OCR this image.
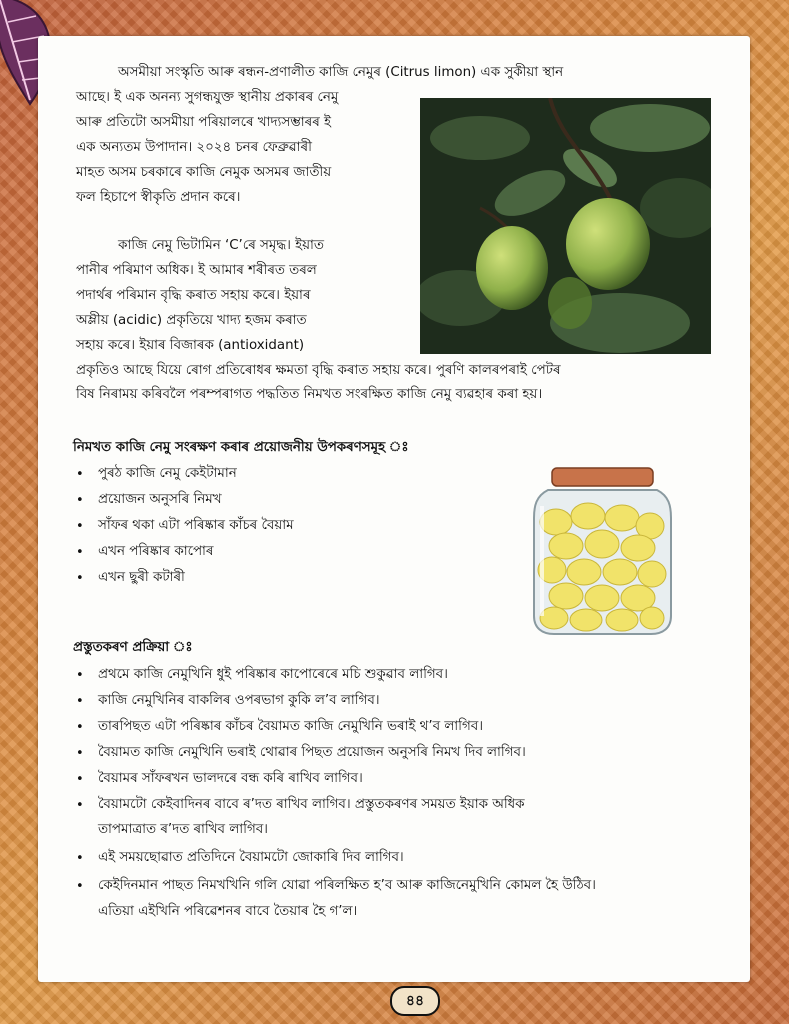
অসমীয়া সংস্কৃতি আৰু ৰন্ধন-প্ৰণালীত কাজি নেমুৰ (Citrus limon) এক সুকীয়া স্থান
আছে। ই এক অনন্য সুগন্ধযুক্ত স্থানীয় প্ৰকাৰৰ নেমু
আৰু প্ৰতিটো অসমীয়া পৰিয়ালৰে খাদ্যসম্ভাৰৰ ই
এক অন্যতম উপাদান। ২০২৪ চনৰ ফেব্ৰুৱাৰী
মাহত অসম চৰকাৰে কাজি নেমুক অসমৰ জাতীয়
ফল হিচাপে স্বীকৃতি প্ৰদান কৰে।
কাজি নেমু ভিটামিন ‘C’ৰে সমৃদ্ধ। ইয়াত
পানীৰ পৰিমাণ অধিক। ই আমাৰ শৰীৰত তৰল
পদাৰ্থৰ পৰিমান বৃদ্ধি কৰাত সহায় কৰে। ইয়াৰ
অম্লীয় (acidic) প্ৰকৃতিয়ে খাদ্য হজম কৰাত
সহায় কৰে। ইয়াৰ বিজাৰক (antioxidant)
প্ৰকৃতিও আছে যিয়ে ৰোগ প্ৰতিৰোধৰ ক্ষমতা বৃদ্ধি কৰাত সহায় কৰে। পুৰণি কালৰপৰাই পেটৰ
বিষ নিৰাময় কৰিবলৈ পৰম্পৰাগত পদ্ধতিত নিমখত সংৰক্ষিত কাজি নেমু ব্যৱহাৰ কৰা হয়।
নিমখত কাজি নেমু সংৰক্ষণ কৰাৰ প্ৰয়োজনীয় উপকৰণসমূহ ঃ
• পুৰঠ কাজি নেমু কেইটামান
• প্ৰয়োজন অনুসৰি নিমখ
• সাঁফৰ থকা এটা পৰিষ্কাৰ কাঁচৰ বৈয়াম
• এখন পৰিষ্কাৰ কাপোৰ
• এখন ছুৰী কটাৰী
প্ৰস্তুতকৰণ প্ৰক্ৰিয়া ঃ
• প্ৰথমে কাজি নেমুখিনি ধুই পৰিষ্কাৰ কাপোৰেৰে মচি শুকুৱাব লাগিব।
• কাজি নেমুখিনিৰ বাকলিৰ ওপৰভাগ কুকি ল’ব লাগিব।
• তাৰপিছত এটা পৰিষ্কাৰ কাঁচৰ বৈয়ামত কাজি নেমুখিনি ভৰাই থ’ব লাগিব।
• বৈয়ামত কাজি নেমুখিনি ভৰাই থোৱাৰ পিছত প্ৰয়োজন অনুসৰি নিমখ দিব লাগিব।
• বৈয়ামৰ সাঁফৰখন ভালদৰে বন্ধ কৰি ৰাখিব লাগিব।
• বৈয়ামটো কেইবাদিনৰ বাবে ৰ’দত ৰাখিব লাগিব। প্ৰস্তুতকৰণৰ সময়ত ইয়াক অধিক
তাপমাত্ৰাত ৰ’দত ৰাখিব লাগিব।
• এই সময়ছোৱাত প্ৰতিদিনে বৈয়ামটো জোকাৰি দিব লাগিব।
• কেইদিনমান পাছত নিমখখিনি গলি যোৱা পৰিলক্ষিত হ’ব আৰু কাজিনেমুখিনি কোমল হৈ উঠিব।
এতিয়া এইখিনি পৰিৱেশনৰ বাবে তৈয়াৰ হৈ গ’ল।
৪৪
